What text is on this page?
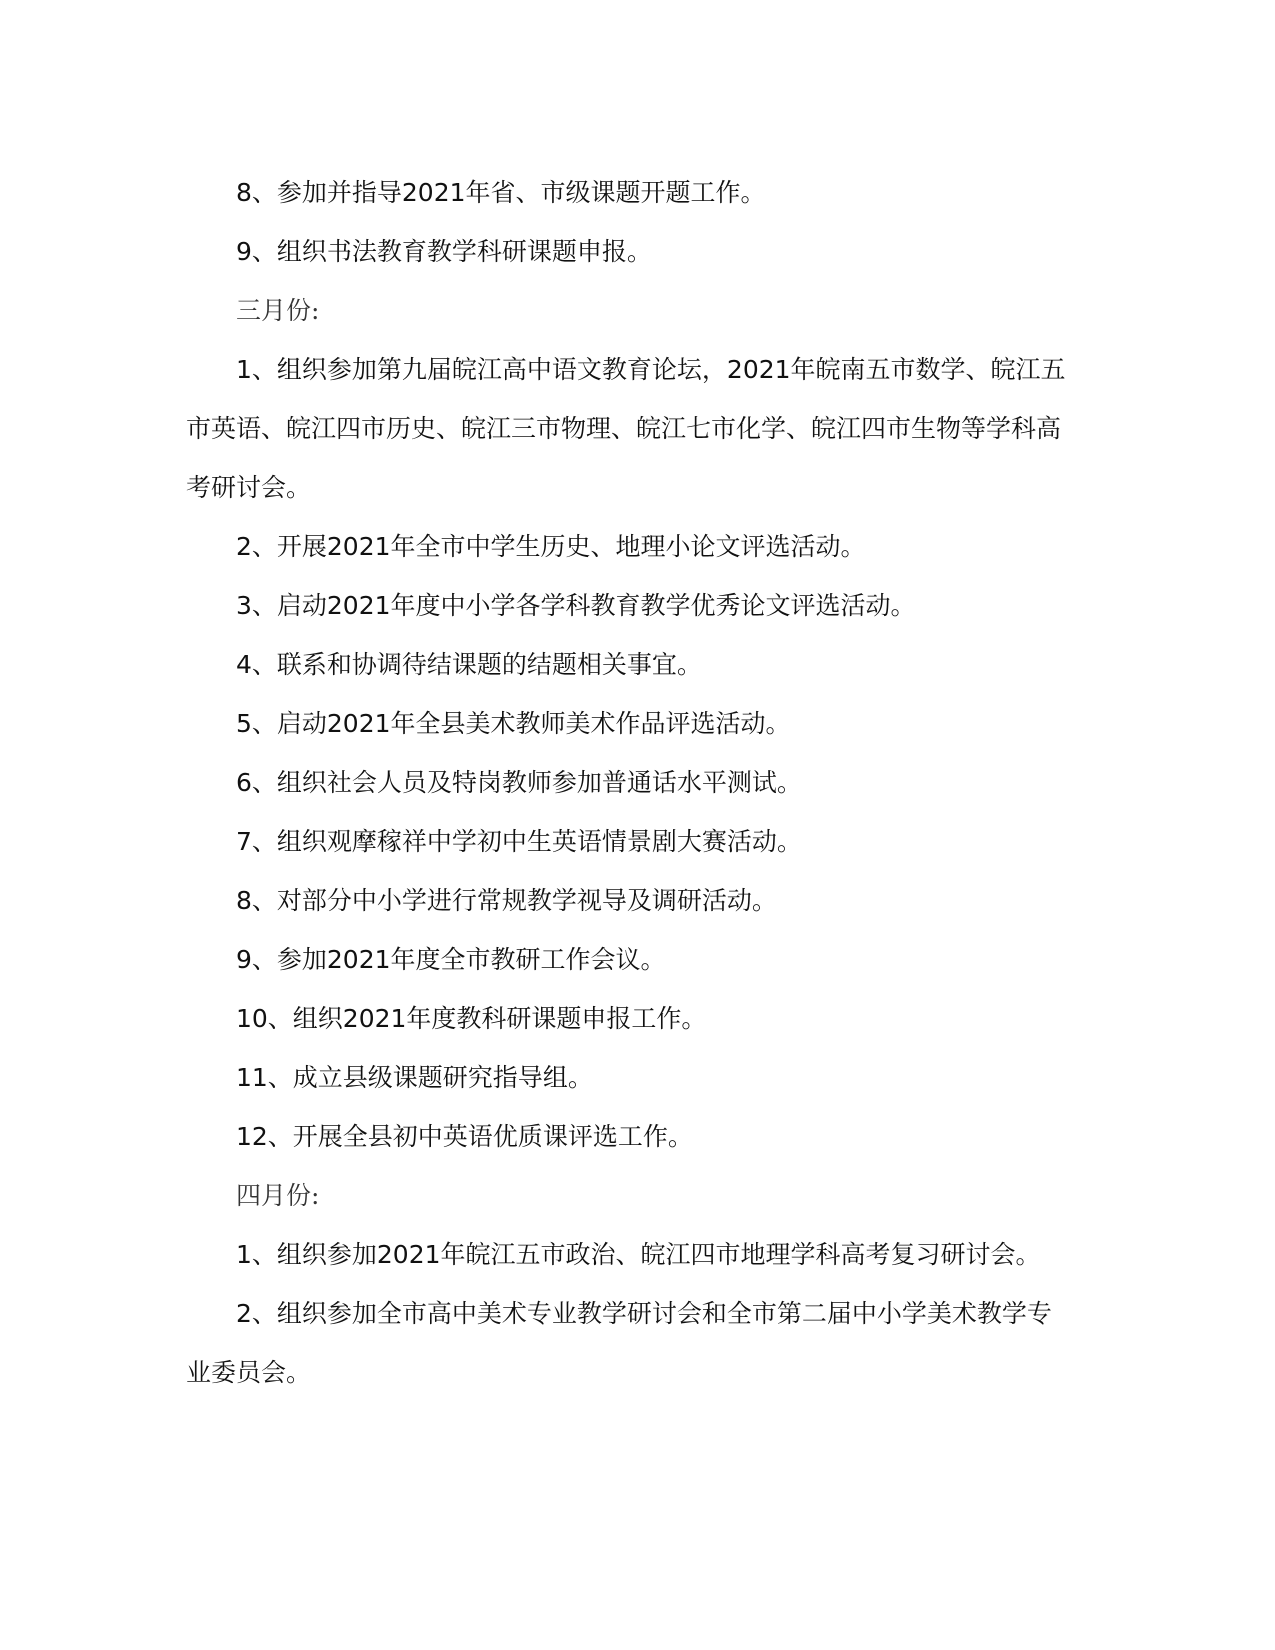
8、参加并指导2021年省、市级课题开题工作。

9、组织书法教育教学科研课题申报。

三月份:

1、组织参加第九届皖江高中语文教育论坛，2021年皖南五市数学、皖江五市英语、皖江四市历史、皖江三市物理、皖江七市化学、皖江四市生物等学科高考研讨会。

2、开展2021年全市中学生历史、地理小论文评选活动。

3、启动2021年度中小学各学科教育教学优秀论文评选活动。

4、联系和协调待结课题的结题相关事宜。

5、启动2021年全县美术教师美术作品评选活动。

6、组织社会人员及特岗教师参加普通话水平测试。

7、组织观摩稼祥中学初中生英语情景剧大赛活动。

8、对部分中小学进行常规教学视导及调研活动。

9、参加2021年度全市教研工作会议。

10、组织2021年度教科研课题申报工作。

11、成立县级课题研究指导组。

12、开展全县初中英语优质课评选工作。

四月份:

1、组织参加2021年皖江五市政治、皖江四市地理学科高考复习研讨会。

2、组织参加全市高中美术专业教学研讨会和全市第二届中小学美术教学专业委员会。
